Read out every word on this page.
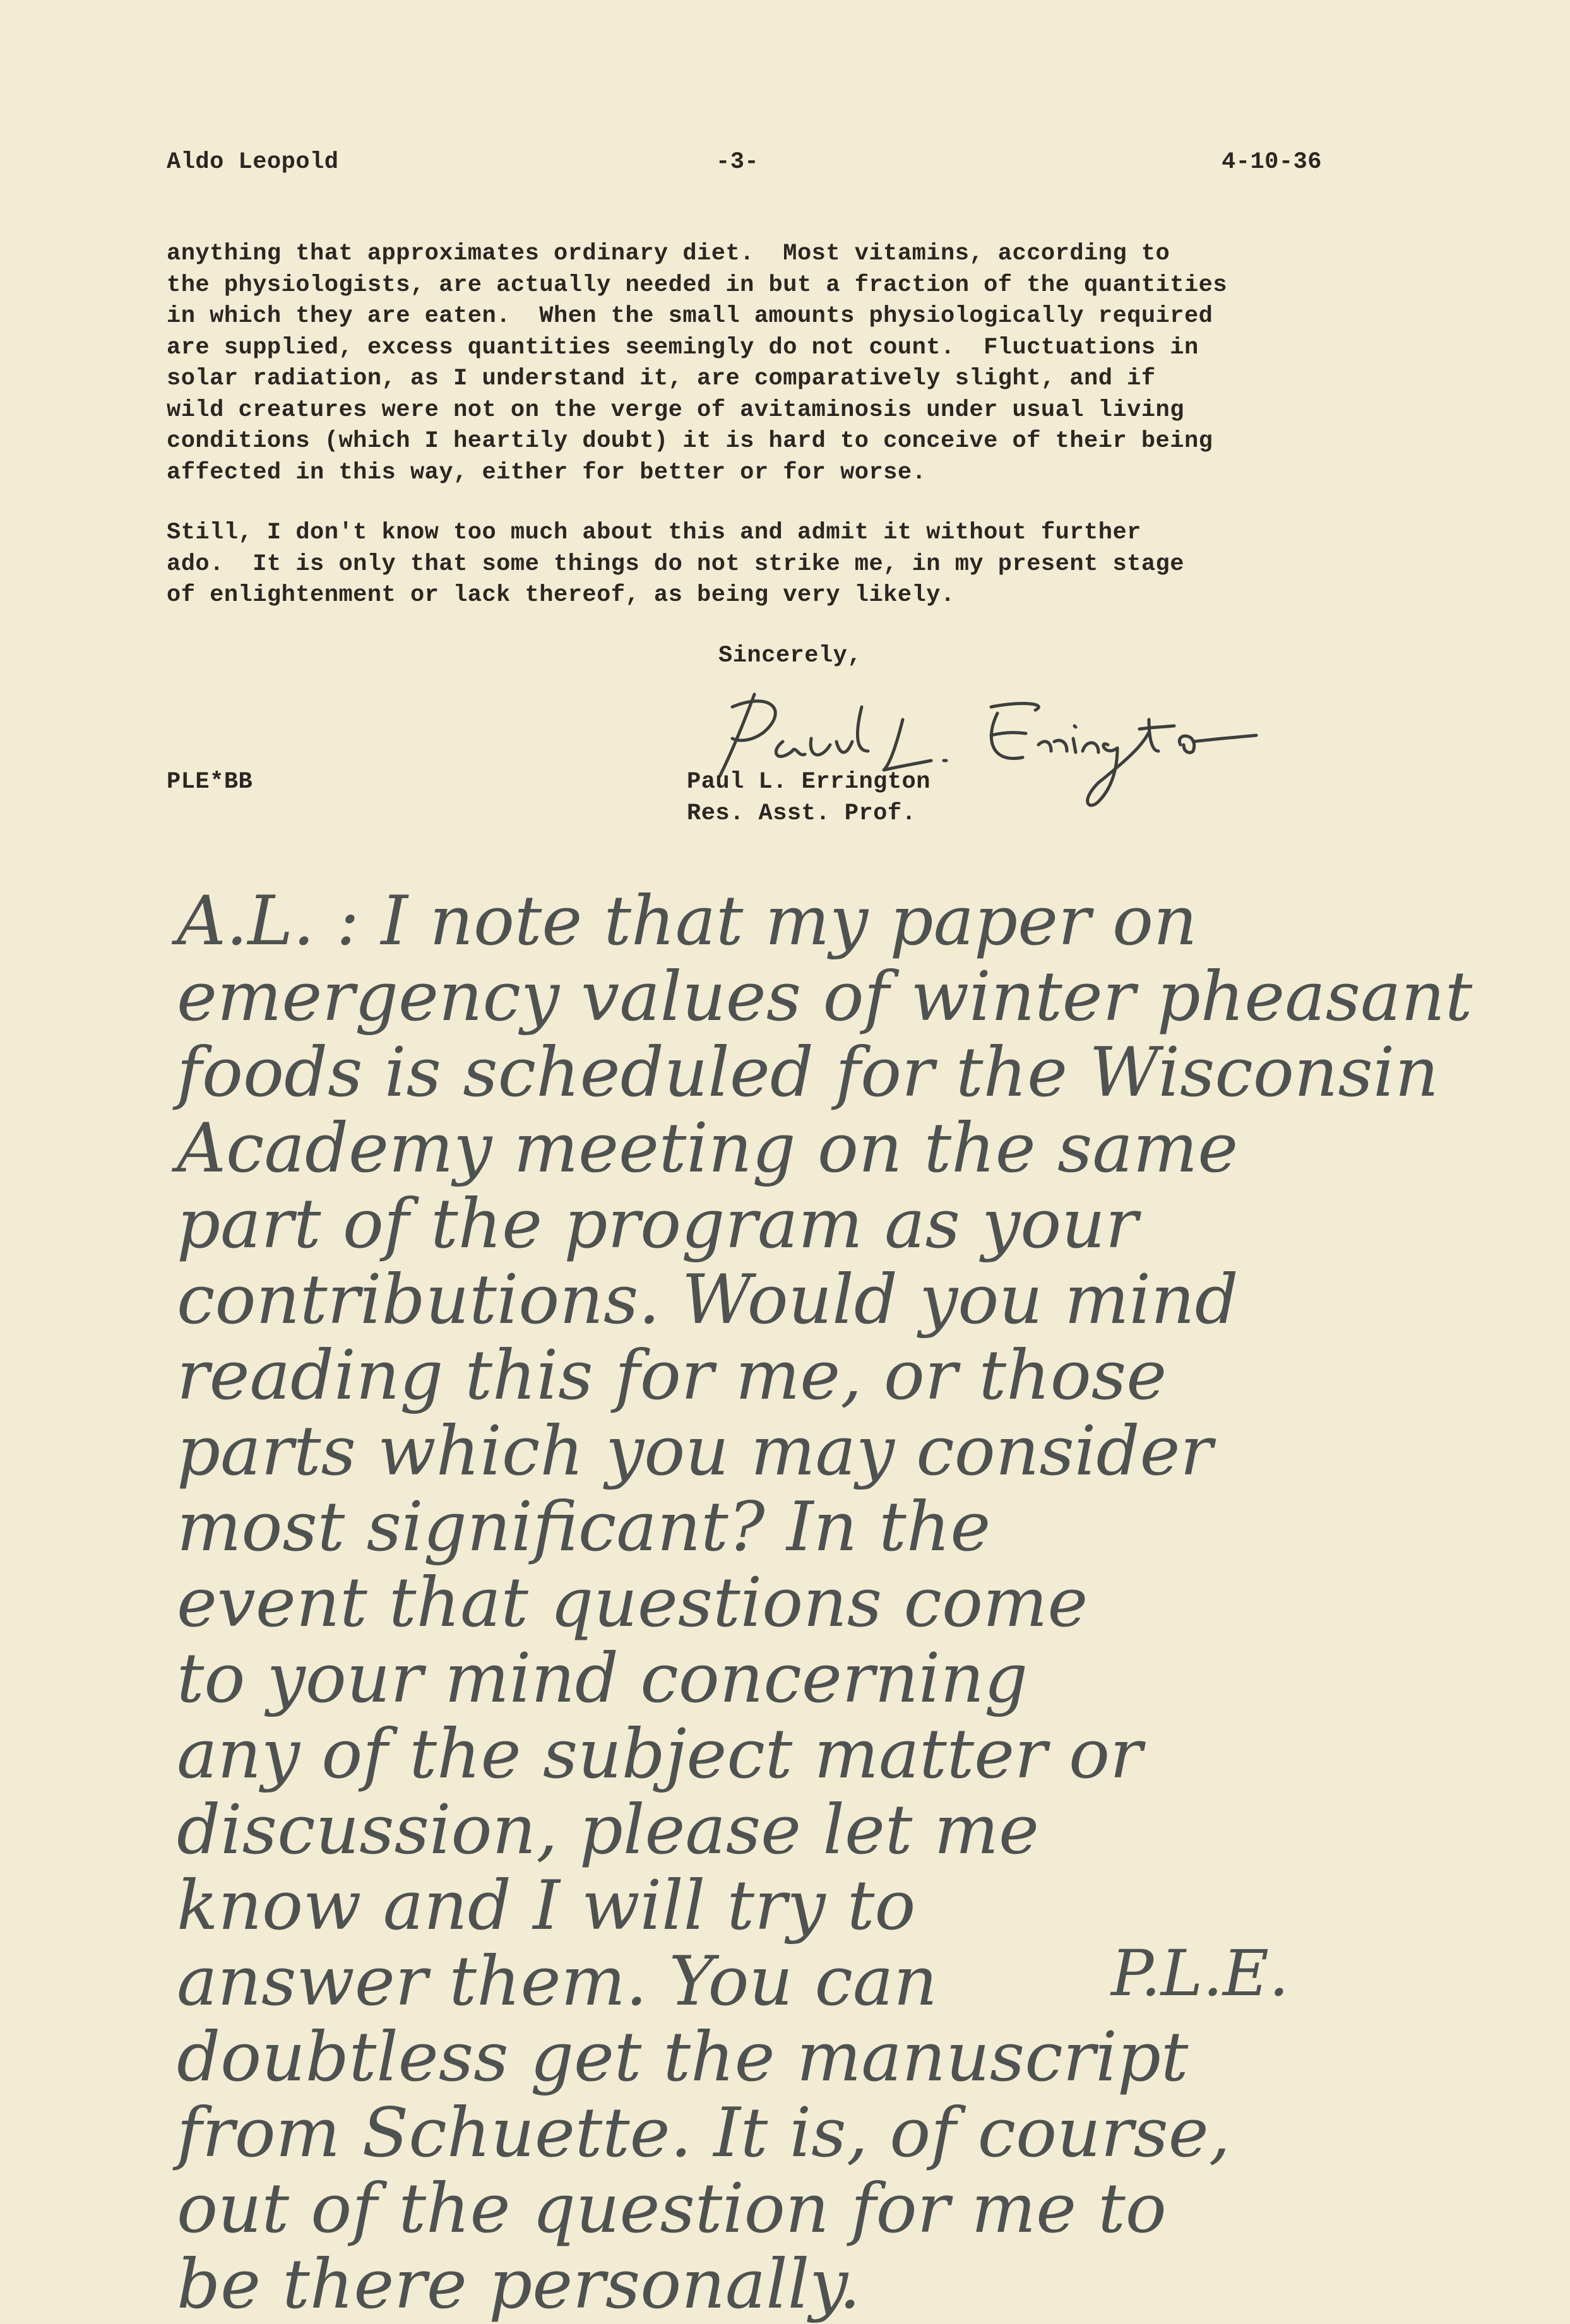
Aldo Leopold	-3-	4-10-36
anything that approximates ordinary diet.  Most vitamins, according to
the physiologists, are actually needed in but a fraction of the quantities
in which they are eaten.  When the small amounts physiologically required
are supplied, excess quantities seemingly do not count.  Fluctuations in
solar radiation, as I understand it, are comparatively slight, and if
wild creatures were not on the verge of avitaminosis under usual living
conditions (which I heartily doubt) it is hard to conceive of their being
affected in this way, either for better or for worse.
Still, I don't know too much about this and admit it without further
ado.  It is only that some things do not strike me, in my present stage
of enlightenment or lack thereof, as being very likely.
Sincerely,
PLE*BB	Paul L. Errington
Res. Asst. Prof.
A.L. : I note that my paper on
emergency values of winter pheasant
foods is scheduled for the Wisconsin
Academy meeting on the same
part of the program as your
contributions. Would you mind
reading this for me, or those
parts which you may consider
most significant? In the
event that questions come
to your mind concerning
any of the subject matter or
discussion, please let me
know and I will try to
answer them. You can
doubtless get the manuscript
from Schuette. It is, of course,
out of the question for me to
be there personally.
P.L.E.
